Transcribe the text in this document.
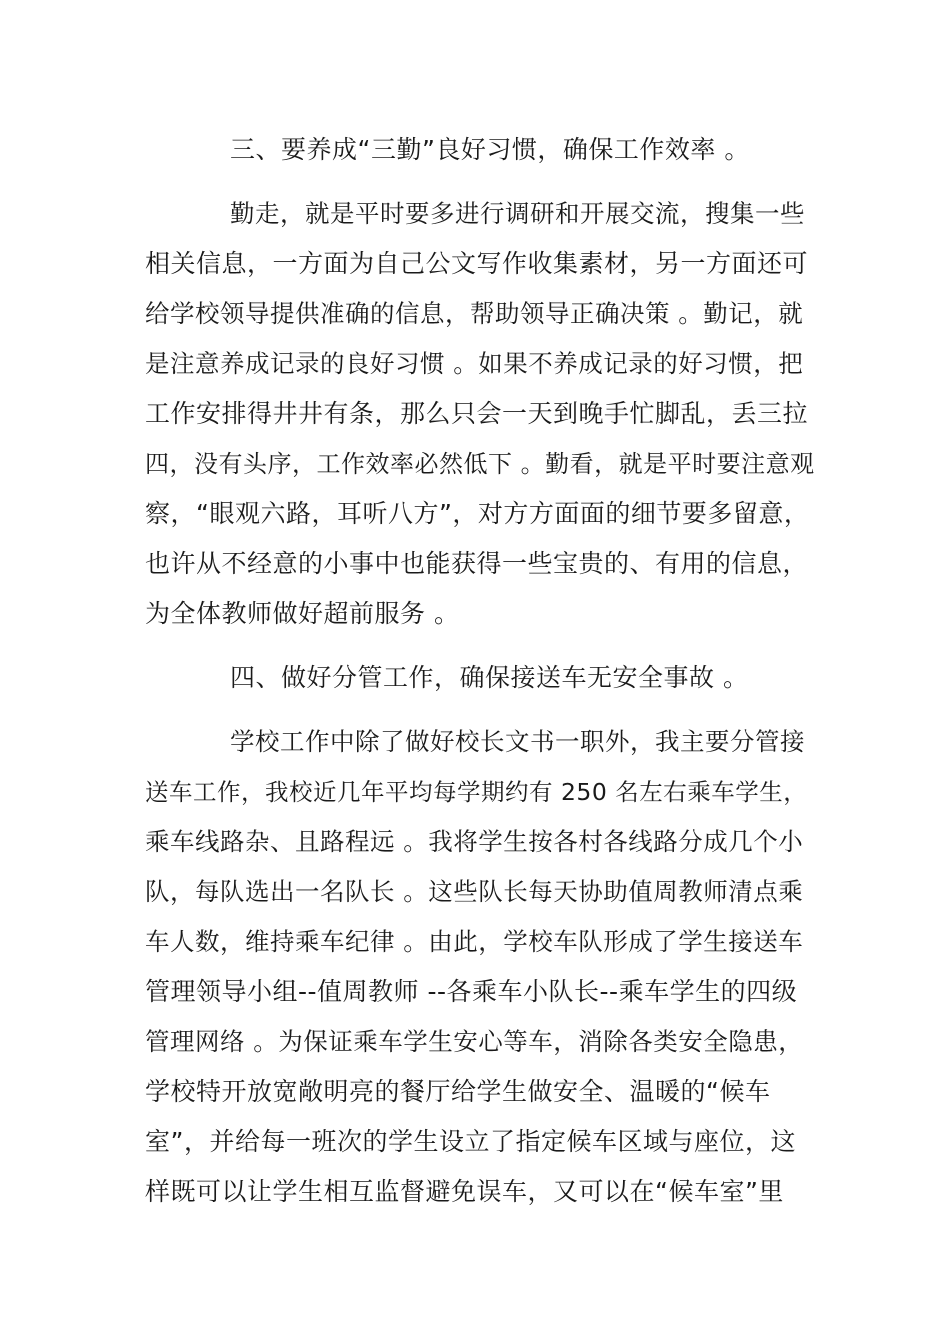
三、要养成“三勤”良好习惯，确保工作效率 。
勤走，就是平时要多进行调研和开展交流，搜集一些
相关信息，一方面为自己公文写作收集素材，另一方面还可
给学校领导提供准确的信息，帮助领导正确决策 。勤记，就
是注意养成记录的良好习惯 。如果不养成记录的好习惯，把
工作安排得井井有条，那么只会一天到晚手忙脚乱，丢三拉
四，没有头序，工作效率必然低下 。勤看，就是平时要注意观
察，“眼观六路，耳听八方”，对方方面面的细节要多留意，
也许从不经意的小事中也能获得一些宝贵的、有用的信息，
为全体教师做好超前服务 。
四、做好分管工作，确保接送车无安全事故 。
学校工作中除了做好校长文书一职外，我主要分管接
送车工作，我校近几年平均每学期约有 250 名左右乘车学生，
乘车线路杂、且路程远 。我将学生按各村各线路分成几个小
队，每队选出一名队长 。这些队长每天协助值周教师清点乘
车人数，维持乘车纪律 。由此，学校车队形成了学生接送车
管理领导小组--值周教师 --各乘车小队长--乘车学生的四级
管理网络 。为保证乘车学生安心等车，消除各类安全隐患，
学校特开放宽敞明亮的餐厅给学生做安全、温暖的“候车
室”，并给每一班次的学生设立了指定候车区域与座位，这
样既可以让学生相互监督避免误车，又可以在“候车室”里
